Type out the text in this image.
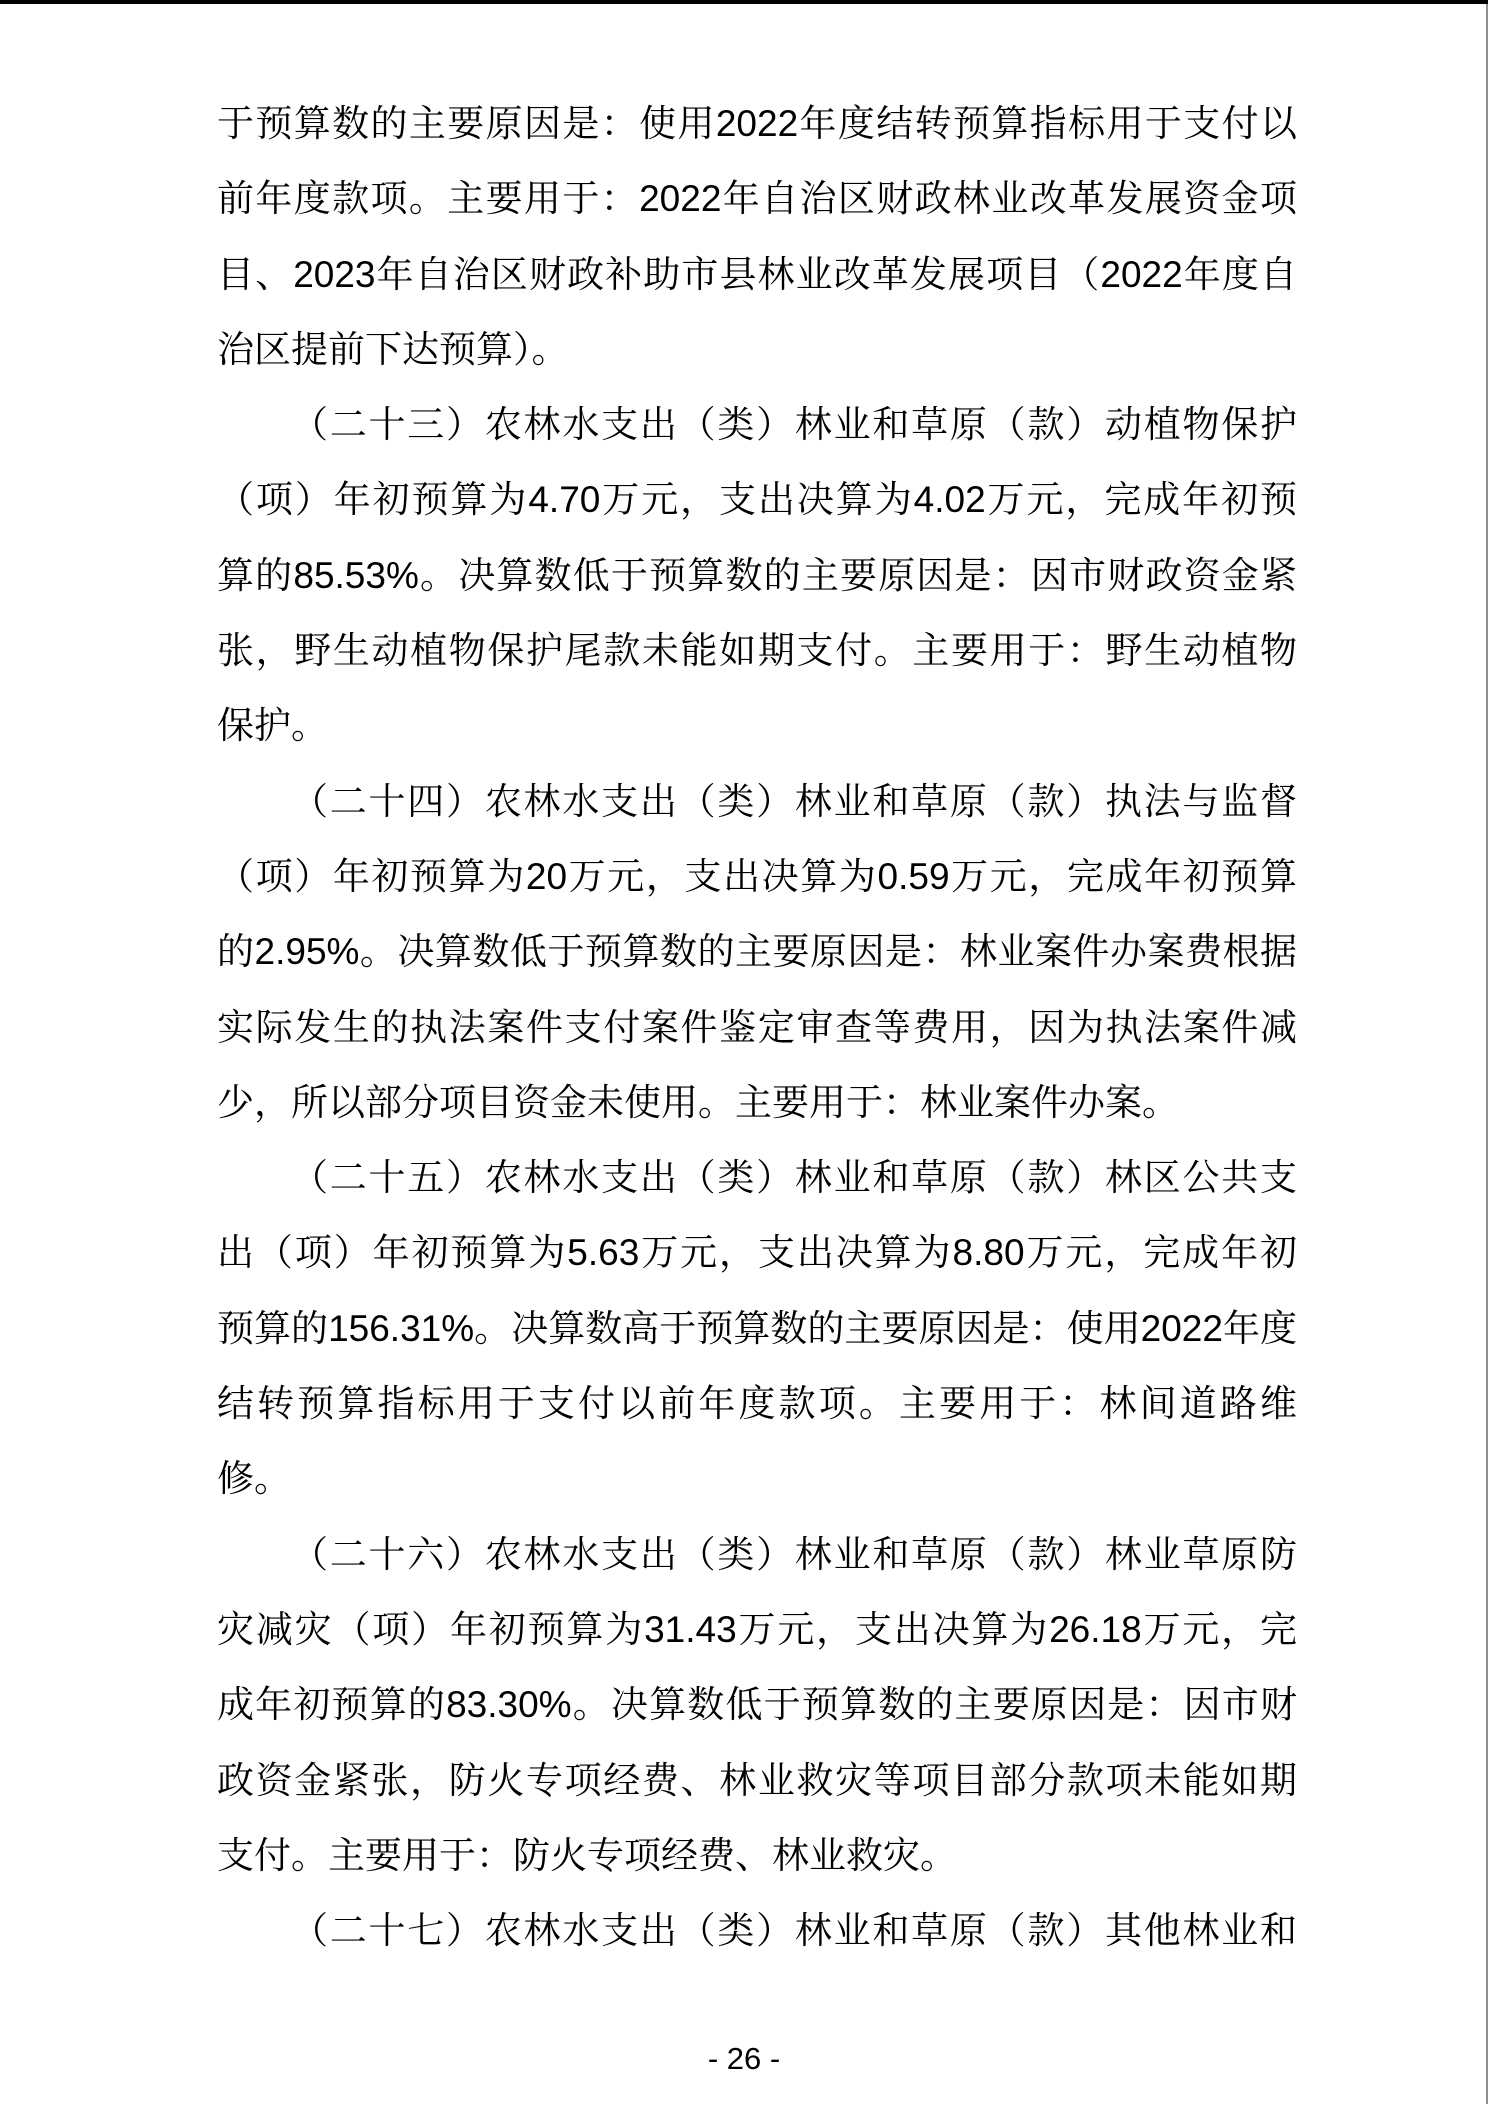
于预算数的主要原因是：使用2022年度结转预算指标用于支付以
前年度款项。主要用于：2022年自治区财政林业改革发展资金项
目、2023年自治区财政补助市县林业改革发展项目（2022年度自
治区提前下达预算）。
（二十三）农林水支出（类）林业和草原（款）动植物保护
（项）年初预算为4.70万元，支出决算为4.02万元，完成年初预
算的85.53%。决算数低于预算数的主要原因是：因市财政资金紧
张，野生动植物保护尾款未能如期支付。主要用于：野生动植物
保护。
（二十四）农林水支出（类）林业和草原（款）执法与监督
（项）年初预算为20万元，支出决算为0.59万元，完成年初预算
的2.95%。决算数低于预算数的主要原因是：林业案件办案费根据
实际发生的执法案件支付案件鉴定审查等费用，因为执法案件减
少，所以部分项目资金未使用。主要用于：林业案件办案。
（二十五）农林水支出（类）林业和草原（款）林区公共支
出（项）年初预算为5.63万元，支出决算为8.80万元，完成年初
预算的156.31%。决算数高于预算数的主要原因是：使用2022年度
结转预算指标用于支付以前年度款项。主要用于：林间道路维
修。
（二十六）农林水支出（类）林业和草原（款）林业草原防
灾减灾（项）年初预算为31.43万元，支出决算为26.18万元，完
成年初预算的83.30%。决算数低于预算数的主要原因是：因市财
政资金紧张，防火专项经费、林业救灾等项目部分款项未能如期
支付。主要用于：防火专项经费、林业救灾。
（二十七）农林水支出（类）林业和草原（款）其他林业和
- 26 -
